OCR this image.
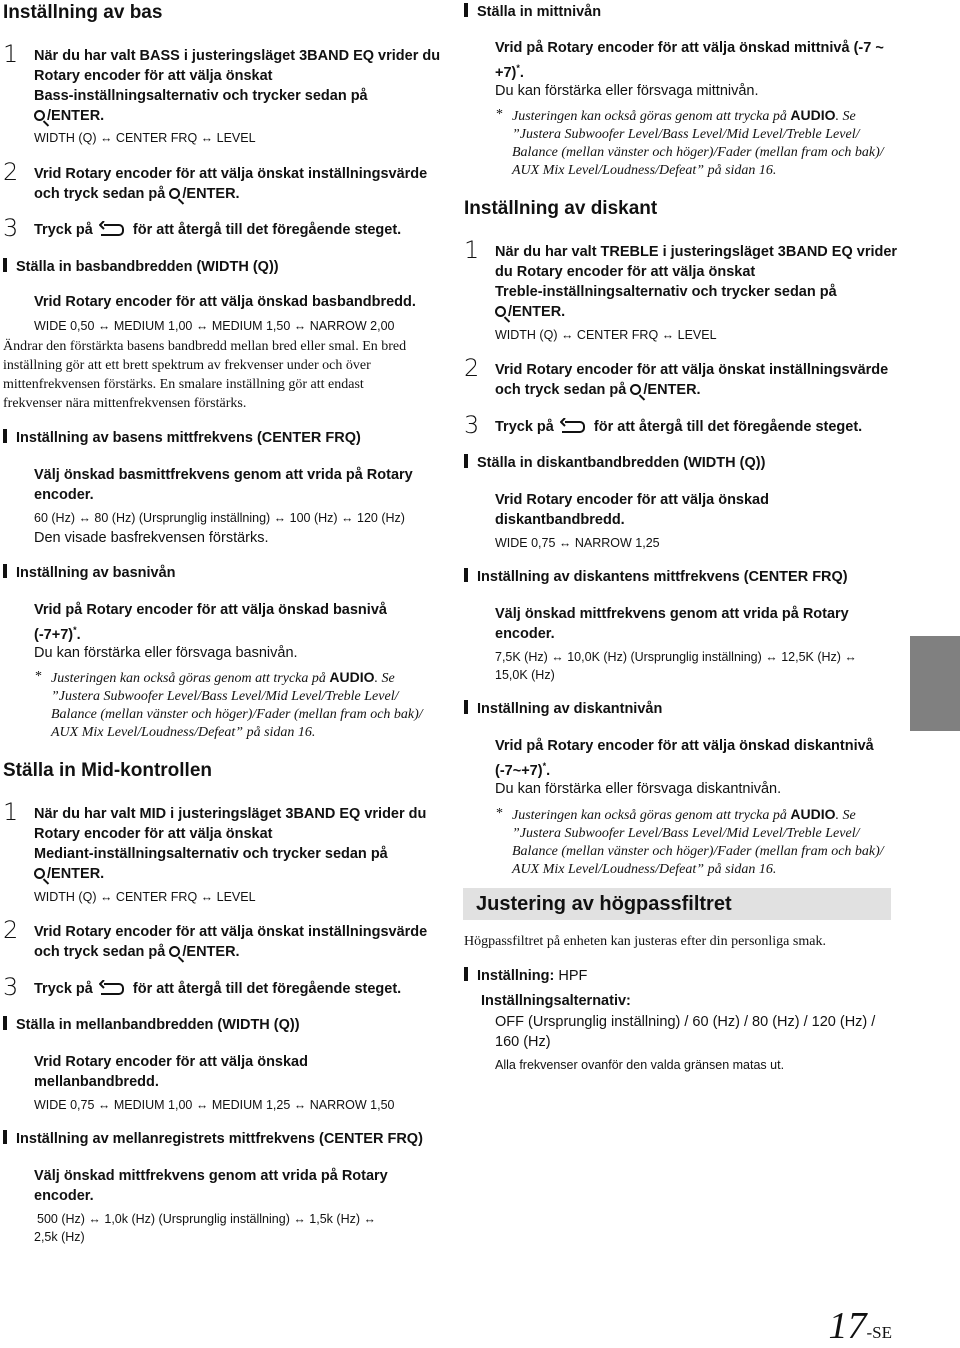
Inställning av bas
1 När du har valt BASS i justeringsläget 3BAND EQ vrider du
Rotary encoder för att välja önskat
Bass-inställningsalternativ och trycker sedan på
/ENTER.
WIDTH (Q) ↔ CENTER FRQ ↔ LEVEL
2 Vrid Rotary encoder för att välja önskat inställningsvärde
och tryck sedan på /ENTER.
3 Tryck på	för att återgå till det föregående steget.
Ställa in basbandbredden (WIDTH (Q))
Vrid Rotary encoder för att välja önskad basbandbredd.
WIDE 0,50 ↔ MEDIUM 1,00 ↔ MEDIUM 1,50 ↔ NARROW 2,00
Ändrar den förstärkta basens bandbredd mellan bred eller smal. En bred
inställning gör att ett brett spektrum av frekvenser under och över
mittenfrekvensen förstärks. En smalare inställning gör att endast
frekvenser nära mittenfrekvensen förstärks.
Inställning av basens mittfrekvens (CENTER FRQ)
Välj önskad basmittfrekvens genom att vrida på Rotary
encoder.
60 (Hz) ↔ 80 (Hz) (Ursprunglig inställning) ↔ 100 (Hz) ↔ 120 (Hz)
Den visade basfrekvensen förstärks.
Inställning av basnivån
Vrid på Rotary encoder för att välja önskad basnivå
(-7+7)*.
Du kan förstärka eller försvaga basnivån.
* Justeringen kan också göras genom att trycka på AUDIO. Se
”Justera Subwoofer Level/Bass Level/Mid Level/Treble Level/
Balance (mellan vänster och höger)/Fader (mellan fram och bak)/
AUX Mix Level/Loudness/Defeat” på sidan 16.
Ställa in Mid-kontrollen
1 När du har valt MID i justeringsläget 3BAND EQ vrider du
Rotary encoder för att välja önskat
Mediant-inställningsalternativ och trycker sedan på
/ENTER.
WIDTH (Q) ↔ CENTER FRQ ↔ LEVEL
2 Vrid Rotary encoder för att välja önskat inställningsvärde
och tryck sedan på /ENTER.
3 Tryck på	för att återgå till det föregående steget.
Ställa in mellanbandbredden (WIDTH (Q))
Vrid Rotary encoder för att välja önskad
mellanbandbredd.
WIDE 0,75 ↔ MEDIUM 1,00 ↔ MEDIUM 1,25 ↔ NARROW 1,50
Inställning av mellanregistrets mittfrekvens (CENTER FRQ)
Välj önskad mittfrekvens genom att vrida på Rotary
encoder.
500 (Hz) ↔ 1,0k (Hz) (Ursprunglig inställning) ↔ 1,5k (Hz) ↔
2,5k (Hz)
Ställa in mittnivån
Vrid på Rotary encoder för att välja önskad mittnivå (-7 ~
+7)*.
Du kan förstärka eller försvaga mittnivån.
* Justeringen kan också göras genom att trycka på AUDIO. Se
”Justera Subwoofer Level/Bass Level/Mid Level/Treble Level/
Balance (mellan vänster och höger)/Fader (mellan fram och bak)/
AUX Mix Level/Loudness/Defeat” på sidan 16.
Inställning av diskant
1 När du har valt TREBLE i justeringsläget 3BAND EQ vrider
du Rotary encoder för att välja önskat
Treble-inställningsalternativ och trycker sedan på
/ENTER.
WIDTH (Q) ↔ CENTER FRQ ↔ LEVEL
2 Vrid Rotary encoder för att välja önskat inställningsvärde
och tryck sedan på /ENTER.
3 Tryck på	för att återgå till det föregående steget.
Ställa in diskantbandbredden (WIDTH (Q))
Vrid Rotary encoder för att välja önskad
diskantbandbredd.
WIDE 0,75 ↔ NARROW 1,25
Inställning av diskantens mittfrekvens (CENTER FRQ)
Välj önskad mittfrekvens genom att vrida på Rotary
encoder.
7,5K (Hz) ↔ 10,0K (Hz) (Ursprunglig inställning) ↔ 12,5K (Hz) ↔
15,0K (Hz)
Inställning av diskantnivån
Vrid på Rotary encoder för att välja önskad diskantnivå
(-7~+7)*.
Du kan förstärka eller försvaga diskantnivån.
* Justeringen kan också göras genom att trycka på AUDIO. Se
”Justera Subwoofer Level/Bass Level/Mid Level/Treble Level/
Balance (mellan vänster och höger)/Fader (mellan fram och bak)/
AUX Mix Level/Loudness/Defeat” på sidan 16.
Justering av högpassfiltret
Högpassfiltret på enheten kan justeras efter din personliga smak.
Inställning: HPF
Inställningsalternativ:
OFF (Ursprunglig inställning) / 60 (Hz) / 80 (Hz) / 120 (Hz) /
160 (Hz)
Alla frekvenser ovanför den valda gränsen matas ut.
17-SE
